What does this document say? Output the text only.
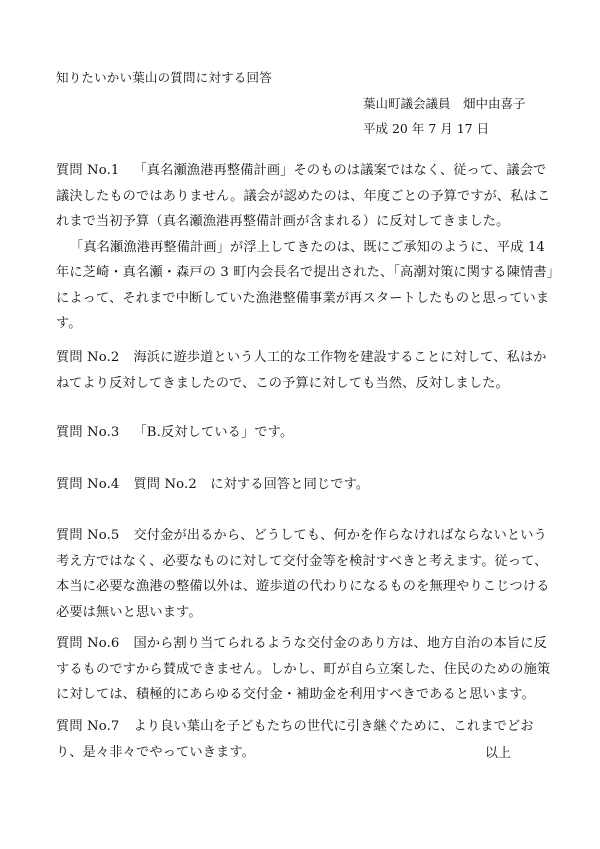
知りたいかい葉山の質問に対する回答
葉山町議会議員　畑中由喜子
平成 20 年 7 月 17 日

質問 No.1 「真名瀬漁港再整備計画」そのものは議案ではなく、従って、議会で議決したものではありません。議会が認めたのは、年度ごとの予算ですが、私はこれまで当初予算（真名瀬漁港再整備計画が含まれる）に反対してきました。

「真名瀬漁港再整備計画」が浮上してきたのは、既にご承知のように、平成 14 年に芝崎・真名瀬・森戸の 3 町内会長名で提出された、「高潮対策に関する陳情書」によって、それまで中断していた漁港整備事業が再スタートしたものと思っています。

質問 No.2 海浜に遊歩道という人工的な工作物を建設することに対して、私はかねてより反対してきましたので、この予算に対しても当然、反対しました。

質問 No.3 「B.反対している」です。

質問 No.4 質問 No.2　に対する回答と同じです。

質問 No.5 交付金が出るから、どうしても、何かを作らなければならないという考え方ではなく、必要なものに対して交付金等を検討すべきと考えます。従って、本当に必要な漁港の整備以外は、遊歩道の代わりになるものを無理やりこじつける必要は無いと思います。

質問 No.6 国から割り当てられるような交付金のあり方は、地方自治の本旨に反するものですから賛成できません。しかし、町が自ら立案した、住民のための施策に対しては、積極的にあらゆる交付金・補助金を利用すべきであると思います。

質問 No.7 より良い葉山を子どもたちの世代に引き継ぐために、これまでどおり、是々非々でやっていきます。	以上
